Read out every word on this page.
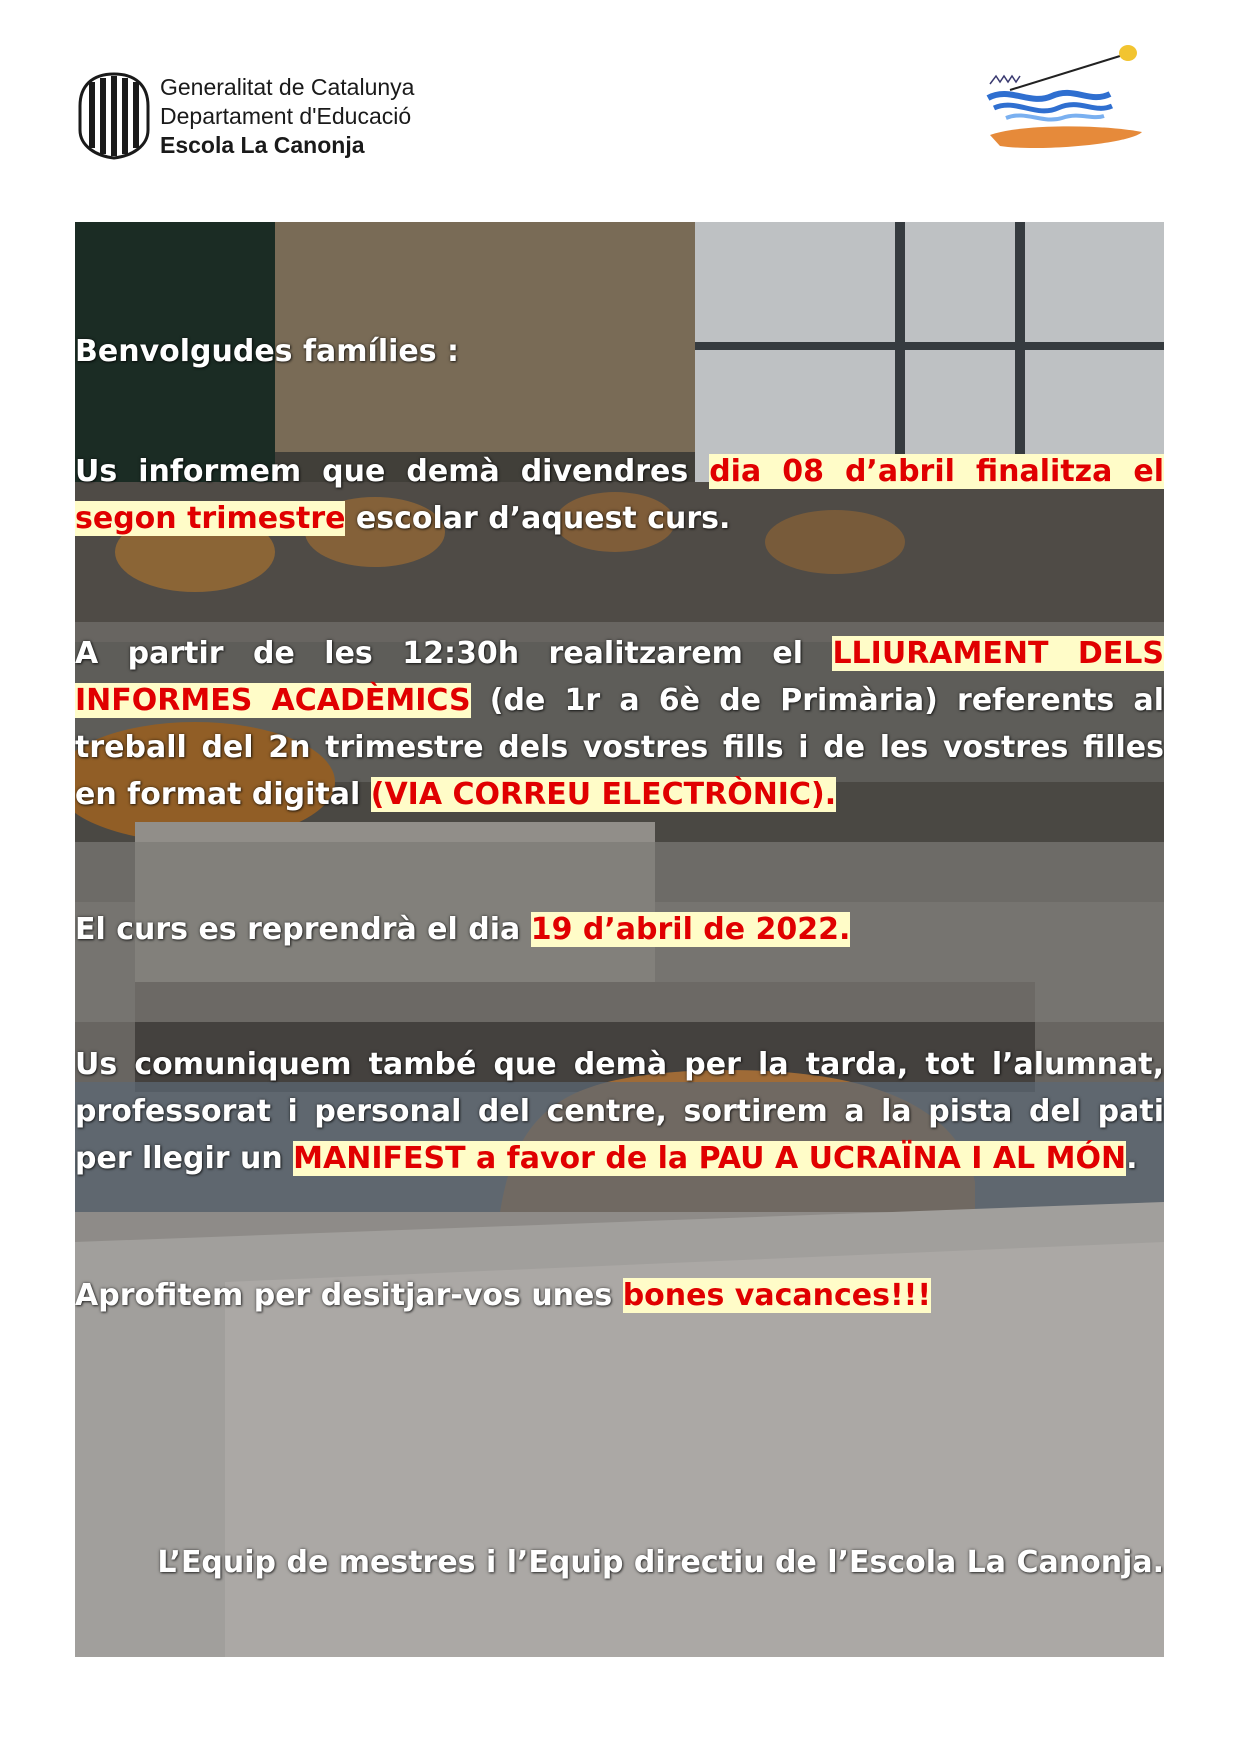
Generalitat de Catalunya
Departament d'Educació
Escola La Canonja
Benvolgudes famílies :
Us informem que demà divendres dia 08 d’abril finalitza el segon trimestre escolar d’aquest curs.
A partir de les 12:30h realitzarem el LLIURAMENT DELS INFORMES ACADÈMICS (de 1r a 6è de Primària) referents al treball del 2n trimestre dels vostres fills i de les vostres filles en format digital (VIA CORREU ELECTRÒNIC).
El curs es reprendrà el dia 19 d’abril de 2022.
Us comuniquem també que demà per la tarda, tot l’alumnat, professorat i personal del centre, sortirem a la pista del pati per llegir un MANIFEST a favor de la PAU A UCRAÏNA I AL MÓN.
Aprofitem per desitjar-vos unes bones vacances!!!
L’Equip de mestres i l’Equip directiu de l’Escola La Canonja.
